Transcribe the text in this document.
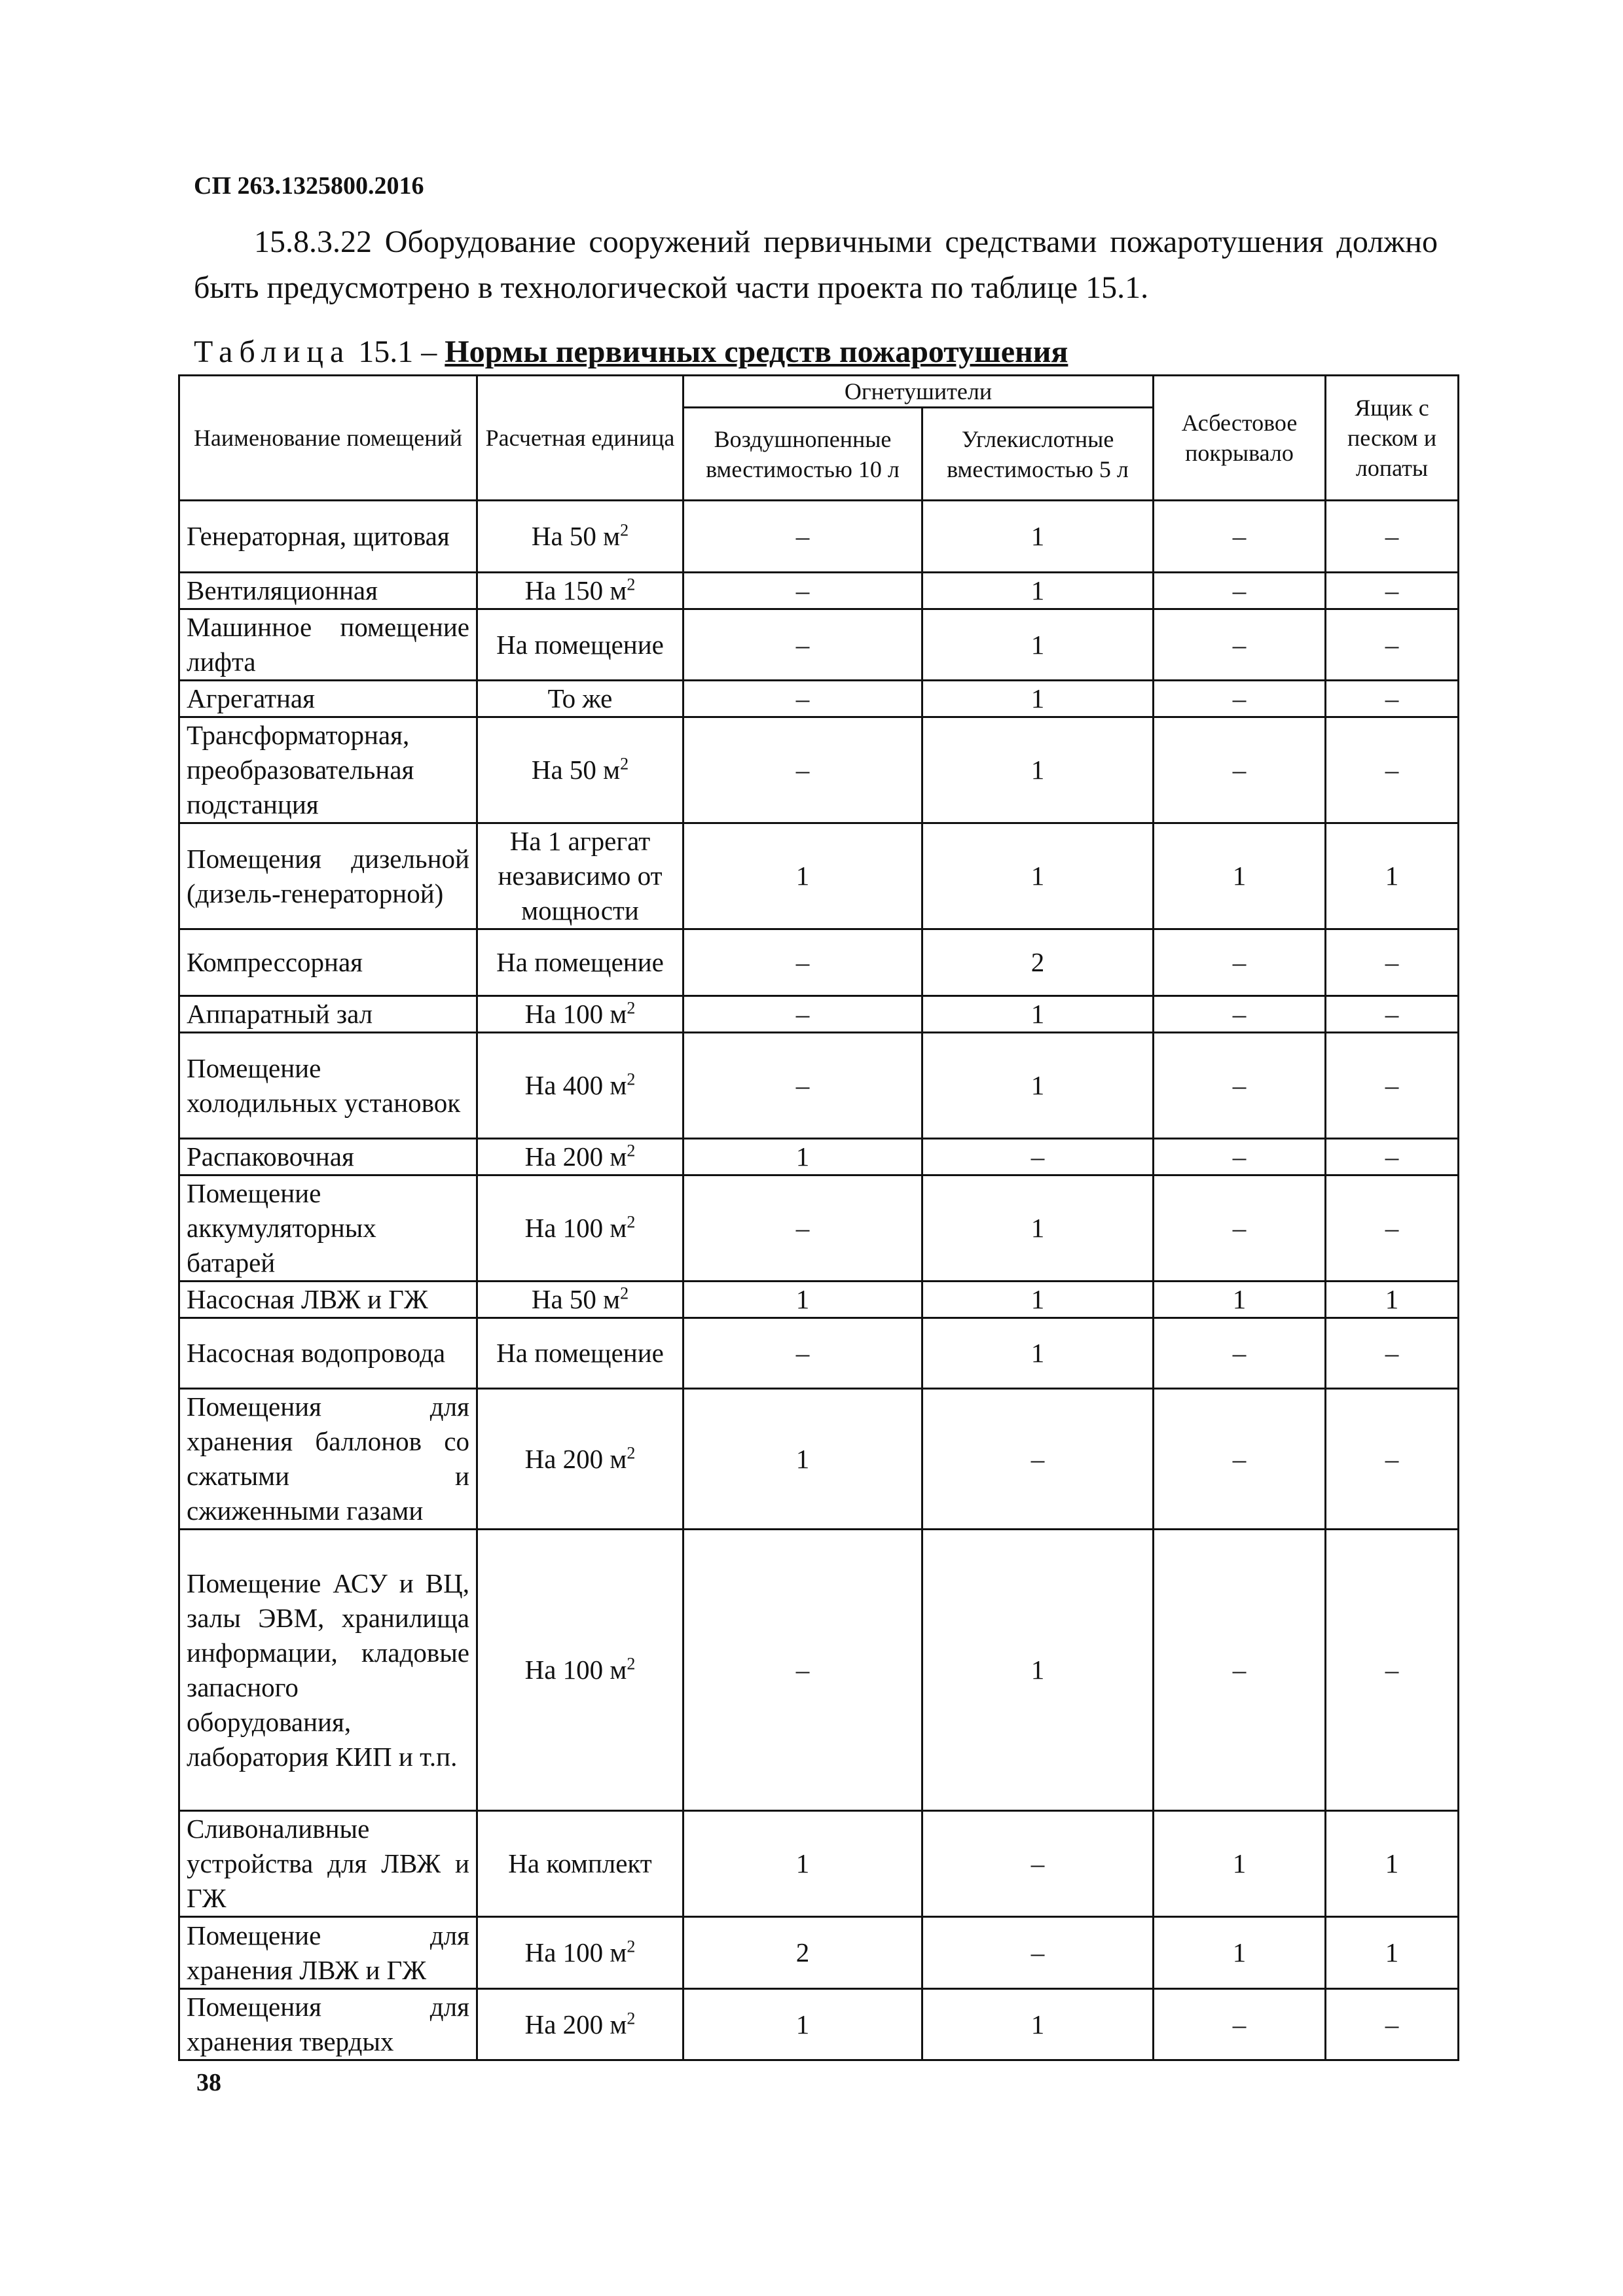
СП 263.1325800.2016

15.8.3.22 Оборудование сооружений первичными средствами пожаротушения должно быть предусмотрено в технологической части проекта по таблице 15.1.

Таблица 15.1 – Нормы первичных средств пожаротушения
Наименование помещений	Расчетная единица	Огнетушители		Асбестовое покрывало	Ящик с песком и лопаты
		Воздушнопенные вместимостью 10 л	Углекислотные вместимостью 5 л		
Генераторная, щитовая	На 50 $м^2$	–	1	–	–
Вентиляционная	На 150 $м^2$	–	1	–	–
Машинное помещение лифта	На помещение	–	1	–	–
Агрегатная	То же	–	1	–	–
Трансформаторная, преобразовательная подстанция	На 50 $м^2$	–	1	–	–
Помещения дизельной (дизель-генераторной)	На 1 агрегат независимо от мощности	1	1	1	1
Компрессорная	На помещение	–	2	–	–
Аппаратный зал	На 100 $м^2$	–	1	–	–
Помещение холодильных установок	На 400 $м^2$	–	1	–	–
Распаковочная	На 200 $м^2$	1	–	–	–
Помещение аккумуляторных батарей	На 100 $м^2$	–	1	–	–
Насосная ЛВЖ и ГЖ	На 50 $м^2$	1	1	1	1
Насосная водопровода	На помещение	–	1	–	–
Помещения для хранения баллонов со сжатыми и сжиженными газами	На 200 $м^2$	1	–	–	–
Помещение АСУ и ВЦ, залы ЭВМ, хранилища информации, кладовые запасного оборудования, лаборатория КИП и т.п.	На 100 $м^2$	–	1	–	–
Сливоналивные устройства для ЛВЖ и ГЖ	На комплект	1	–	1	1
Помещение для хранения ЛВЖ и ГЖ	На 100 $м^2$	2	–	1	1
Помещения для хранения твердых	На 200 $м^2$	1	1	–	–
38
